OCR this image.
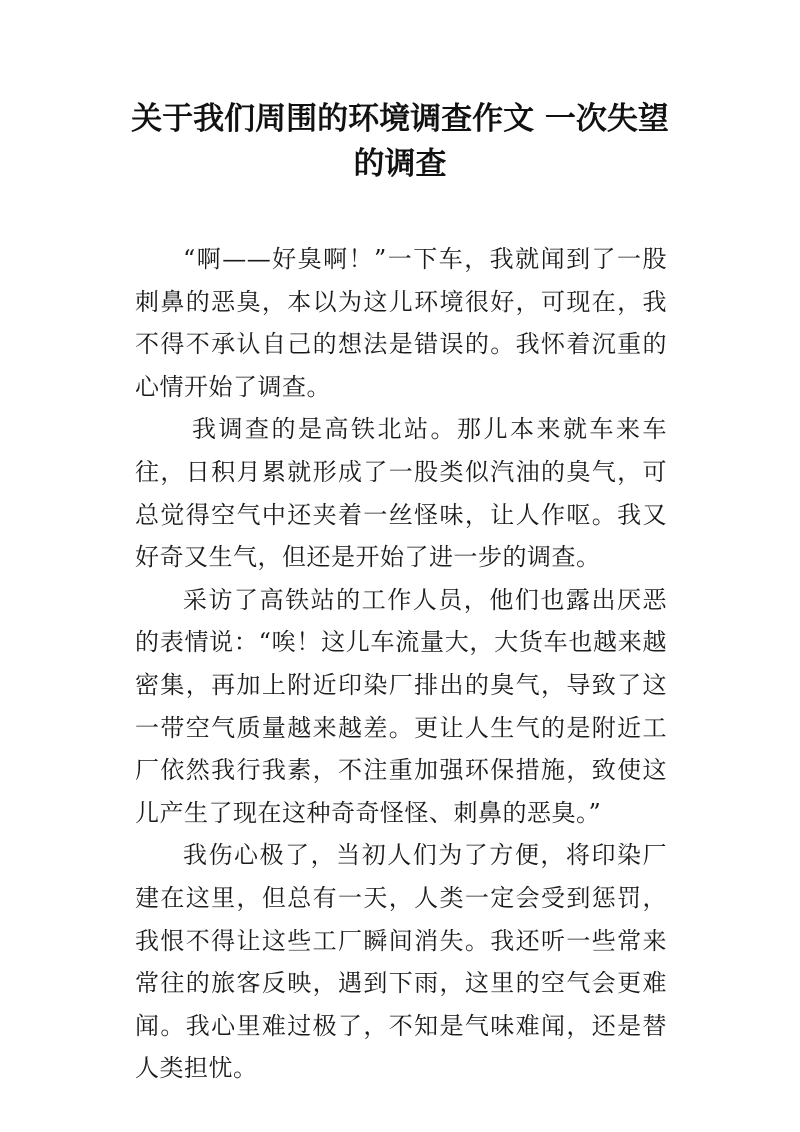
关于我们周围的环境调查作文 一次失望的调查

“啊——好臭啊！”一下车，我就闻到了一股刺鼻的恶臭，本以为这儿环境很好，可现在，我不得不承认自己的想法是错误的。我怀着沉重的心情开始了调查。

我调查的是高铁北站。那儿本来就车来车往，日积月累就形成了一股类似汽油的臭气，可总觉得空气中还夹着一丝怪味，让人作呕。我又好奇又生气，但还是开始了进一步的调查。

采访了高铁站的工作人员，他们也露出厌恶的表情说：“唉！这儿车流量大，大货车也越来越密集，再加上附近印染厂排出的臭气，导致了这一带空气质量越来越差。更让人生气的是附近工厂依然我行我素，不注重加强环保措施，致使这儿产生了现在这种奇奇怪怪、刺鼻的恶臭。”

我伤心极了，当初人们为了方便，将印染厂建在这里，但总有一天，人类一定会受到惩罚，我恨不得让这些工厂瞬间消失。我还听一些常来常往的旅客反映，遇到下雨，这里的空气会更难闻。我心里难过极了，不知是气味难闻，还是替人类担忧。
